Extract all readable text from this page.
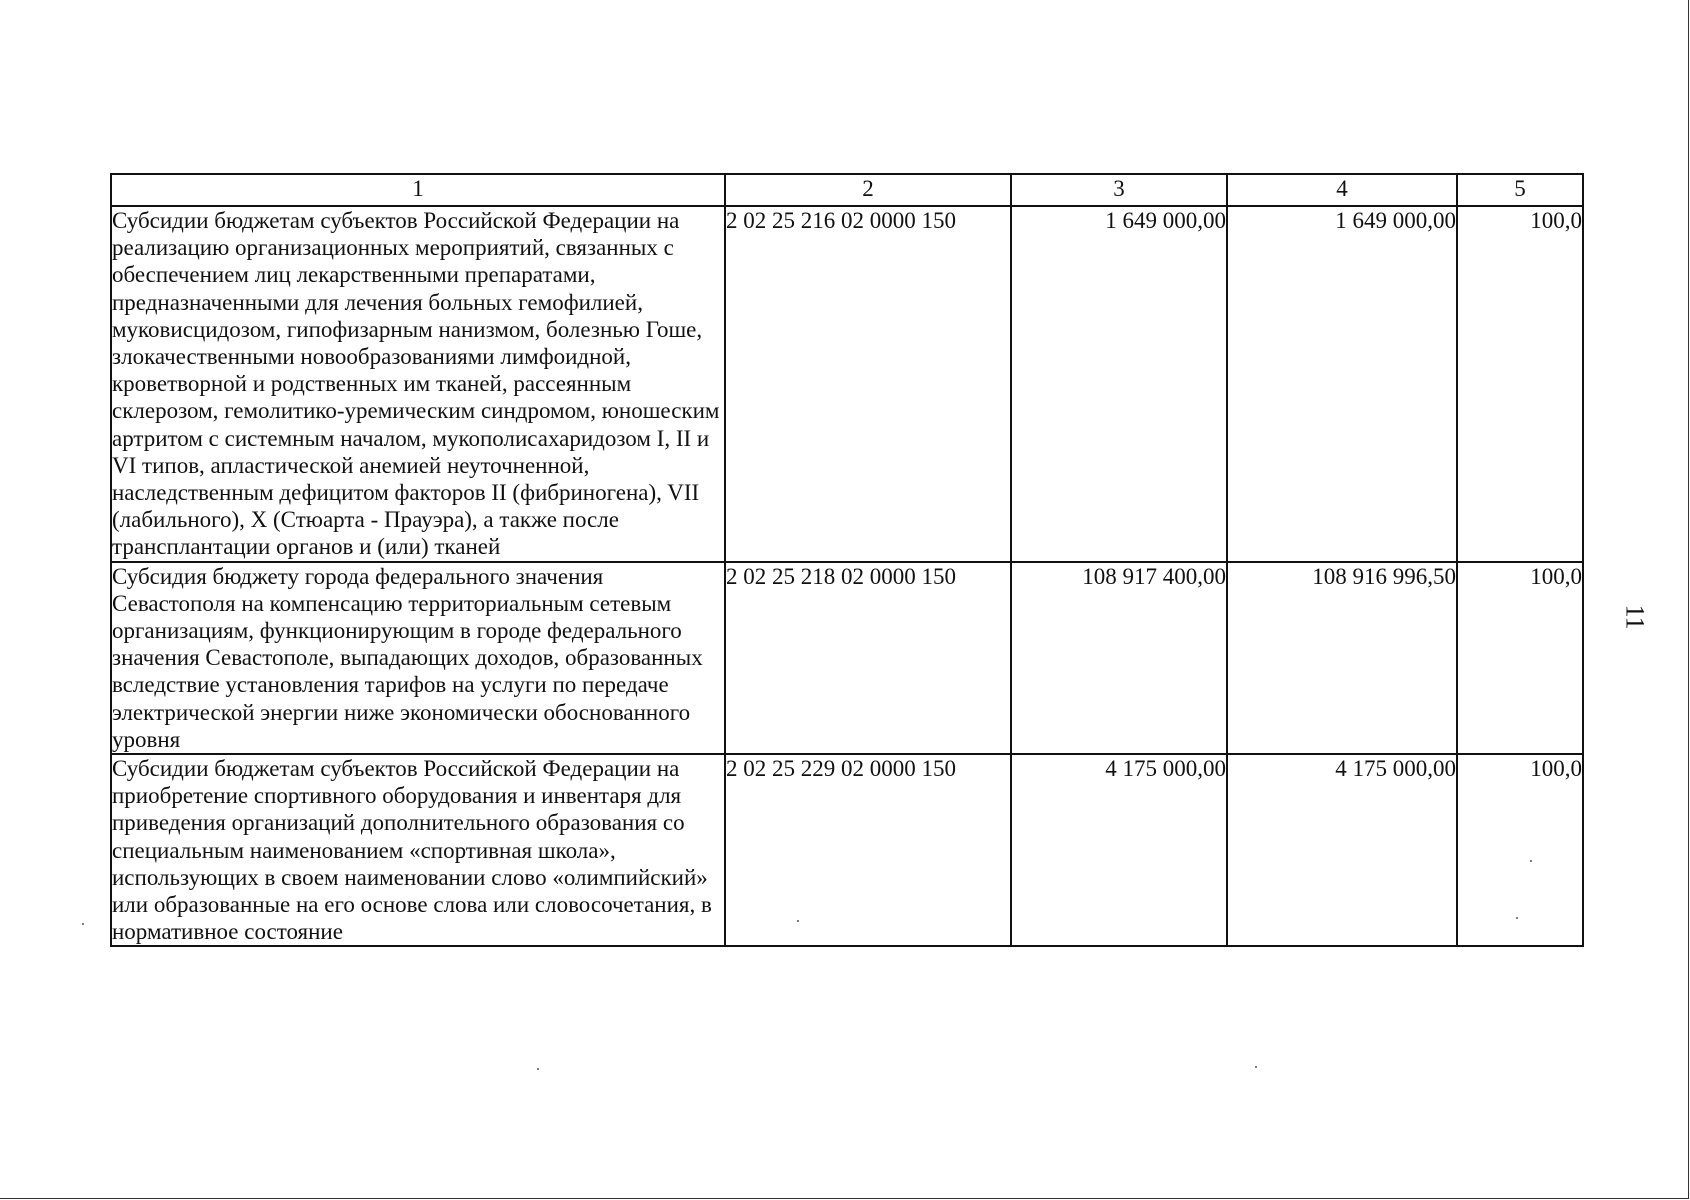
1	2	3	4	5
Субсидии бюджетам субъектов Российской Федерации на реализацию организационных мероприятий, связанных с обеспечением лиц лекарственными препаратами, предназначенными для лечения больных гемофилией, муковисцидозом, гипофизарным нанизмом, болезнью Гоше, злокачественными новообразованиями лимфоидной, кроветворной и родственных им тканей, рассеянным склерозом, гемолитико-уремическим синдромом, юношеским артритом с системным началом, мукополисахаридозом I, II и VI типов, апластической анемией неуточненной, наследственным дефицитом факторов II (фибриногена), VII (лабильного), X (Стюарта - Прауэра), а также после трансплантации органов и (или) тканей	2 02 25 216 02 0000 150	1 649 000,00	1 649 000,00	100,0
Субсидия бюджету города федерального значения Севастополя на компенсацию территориальным сетевым организациям, функционирующим в городе федерального значения Севастополе, выпадающих доходов, образованных вследствие установления тарифов на услуги по передаче электрической энергии ниже экономически обоснованного уровня	2 02 25 218 02 0000 150	108 917 400,00	108 916 996,50	100,0
Субсидии бюджетам субъектов Российской Федерации на приобретение спортивного оборудования и инвентаря для приведения организаций дополнительного образования со специальным наименованием «спортивная школа», использующих в своем наименовании слово «олимпийский» или образованные на его основе слова или словосочетания, в нормативное состояние	2 02 25 229 02 0000 150	4 175 000,00	4 175 000,00	100,0
11
